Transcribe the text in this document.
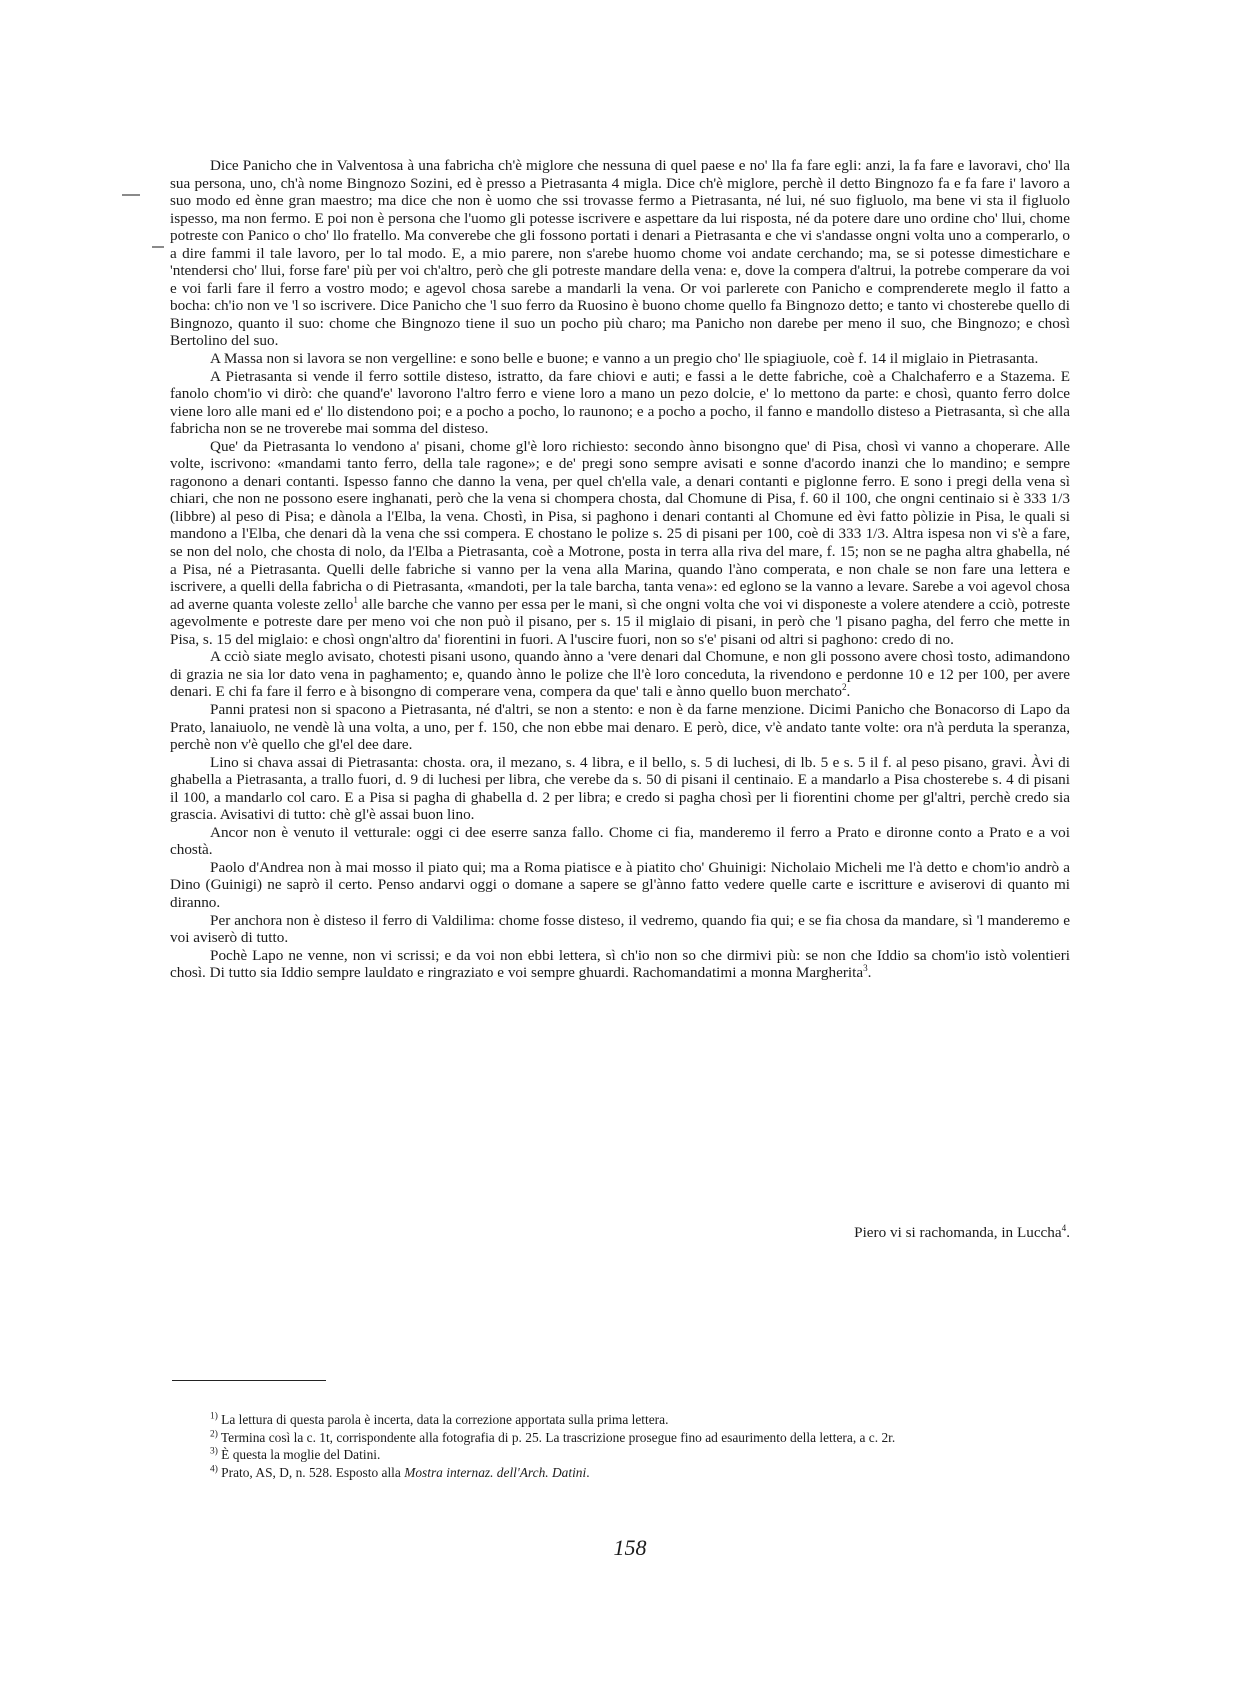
Dice Panicho che in Valventosa à una fabricha ch'è miglore che nessuna di quel paese e no' lla fa fare egli: anzi, la fa fare e lavoravi, cho' lla sua persona, uno, ch'à nome Bingnozo Sozini, ed è presso a Pietrasanta 4 migla. Dice ch'è miglore, perchè il detto Bingnozo fa e fa fare i' lavoro a suo modo ed ènne gran maestro; ma dice che non è uomo che ssi trovasse fermo a Pietrasanta, né lui, né suo figluolo, ma bene vi sta il figluolo ispesso, ma non fermo. E poi non è persona che l'uomo gli potesse iscrivere e aspettare da lui risposta, né da potere dare uno ordine cho' llui, chome potreste con Panico o cho' llo fratello. Ma converebe che gli fossono portati i denari a Pietrasanta e che vi s'andasse ongni volta uno a comperarlo, o a dire fammi il tale lavoro, per lo tal modo. E, a mio parere, non s'arebe huomo chome voi andate cerchando; ma, se si potesse dimestichare e 'ntendersi cho' llui, forse fare' più per voi ch'altro, però che gli potreste mandare della vena: e, dove la compera d'altrui, la potrebe comperare da voi e voi farli fare il ferro a vostro modo; e agevol chosa sarebe a mandarli la vena. Or voi parlerete con Panicho e comprenderete meglo il fatto a bocha: ch'io non ve 'l so iscrivere. Dice Panicho che 'l suo ferro da Ruosino è buono chome quello fa Bingnozo detto; e tanto vi chosterebe quello di Bingnozo, quanto il suo: chome che Bingnozo tiene il suo un pocho più charo; ma Panicho non darebe per meno il suo, che Bingnozo; e chosì Bertolino del suo.

A Massa non si lavora se non vergelline: e sono belle e buone; e vanno a un pregio cho' lle spiagiuole, coè f. 14 il miglaio in Pietrasanta.

A Pietrasanta si vende il ferro sottile disteso, istratto, da fare chiovi e auti; e fassi a le dette fabriche, coè a Chalchaferro e a Stazema. E fanolo chom'io vi dirò: che quand'e' lavorono l'altro ferro e viene loro a mano un pezo dolcie, e' lo mettono da parte: e chosì, quanto ferro dolce viene loro alle mani ed e' llo distendono poi; e a pocho a pocho, lo raunono; e a pocho a pocho, il fanno e mandollo disteso a Pietrasanta, sì che alla fabricha non se ne troverebe mai somma del disteso.

Que' da Pietrasanta lo vendono a' pisani, chome gl'è loro richiesto: secondo ànno bisongno que' di Pisa, chosì vi vanno a choperare. Alle volte, iscrivono: «mandami tanto ferro, della tale ragone»; e de' pregi sono sempre avisati e sonne d'acordo inanzi che lo mandino; e sempre ragonono a denari contanti. Ispesso fanno che danno la vena, per quel ch'ella vale, a denari contanti e piglonne ferro. E sono i pregi della vena sì chiari, che non ne possono esere inghanati, però che la vena si chompera chosta, dal Chomune di Pisa, f. 60 il 100, che ongni centinaio si è 333 1/3 (libbre) al peso di Pisa; e dànola a l'Elba, la vena. Chostì, in Pisa, si paghono i denari contanti al Chomune ed èvi fatto pòlizie in Pisa, le quali si mandono a l'Elba, che denari dà la vena che ssi compera. E chostano le polize s. 25 di pisani per 100, coè di 333 1/3. Altra ispesa non vi s'è a fare, se non del nolo, che chosta di nolo, da l'Elba a Pietrasanta, coè a Motrone, posta in terra alla riva del mare, f. 15; non se ne pagha altra ghabella, né a Pisa, né a Pietrasanta. Quelli delle fabriche si vanno per la vena alla Marina, quando l'àno comperata, e non chale se non fare una lettera e iscrivere, a quelli della fabricha o di Pietrasanta, «mandoti, per la tale barcha, tanta vena»: ed eglono se la vanno a levare. Sarebe a voi agevol chosa ad averne quanta voleste zello$^1$ alle barche che vanno per essa per le mani, sì che ongni volta che voi vi disponeste a volere atendere a cciò, potreste agevolmente e potreste dare per meno voi che non può il pisano, per s. 15 il miglaio di pisani, in però che 'l pisano pagha, del ferro che mette in Pisa, s. 15 del miglaio: e chosì ongn'altro da' fiorentini in fuori. A l'uscire fuori, non so s'e' pisani od altri si paghono: credo di no.

A cciò siate meglo avisato, chotesti pisani usono, quando ànno a 'vere denari dal Chomune, e non gli possono avere chosì tosto, adimandono di grazia ne sia lor dato vena in paghamento; e, quando ànno le polize che ll'è loro conceduta, la rivendono e perdonne 10 e 12 per 100, per avere denari. E chi fa fare il ferro e à bisongno di comperare vena, compera da que' tali e ànno quello buon merchato$^2$.

Panni pratesi non si spacono a Pietrasanta, né d'altri, se non a stento: e non è da farne menzione. Dicimi Panicho che Bonacorso di Lapo da Prato, lanaiuolo, ne vendè là una volta, a uno, per f. 150, che non ebbe mai denaro. E però, dice, v'è andato tante volte: ora n'à perduta la speranza, perchè non v'è quello che gl'el dee dare.

Lino si chava assai di Pietrasanta: chosta. ora, il mezano, s. 4 libra, e il bello, s. 5 di luchesi, di lb. 5 e s. 5 il f. al peso pisano, gravi. Àvi di ghabella a Pietrasanta, a trallo fuori, d. 9 di luchesi per libra, che verebe da s. 50 di pisani il centinaio. E a mandarlo a Pisa chosterebe s. 4 di pisani il 100, a mandarlo col caro. E a Pisa si pagha di ghabella d. 2 per libra; e credo si pagha chosì per li fiorentini chome per gl'altri, perchè credo sia grascia. Avisativi di tutto: chè gl'è assai buon lino.

Ancor non è venuto il vetturale: oggi ci dee eserre sanza fallo. Chome ci fia, manderemo il ferro a Prato e dironne conto a Prato e a voi chostà.

Paolo d'Andrea non à mai mosso il piato qui; ma a Roma piatisce e à piatito cho' Ghuinigi: Nicholaio Micheli me l'à detto e chom'io andrò a Dino (Guinigi) ne saprò il certo. Penso andarvi oggi o domane a sapere se gl'ànno fatto vedere quelle carte e iscritture e aviserovi di quanto mi diranno.

Per anchora non è disteso il ferro di Valdilima: chome fosse disteso, il vedremo, quando fia qui; e se fia chosa da mandare, sì 'l manderemo e voi aviserò di tutto.

Pochè Lapo ne venne, non vi scrissi; e da voi non ebbi lettera, sì ch'io non so che dirmivi più: se non che Iddio sa chom'io istò volentieri chosì. Di tutto sia Iddio sempre lauldato e ringraziato e voi sempre ghuardi. Rachomandatimi a monna Margherita$^3$.

Piero vi si rachomanda, in Luccha$^4$.

$^{1)}$ La lettura di questa parola è incerta, data la correzione apportata sulla prima lettera.

$^{2)}$ Termina così la c. 1t, corrispondente alla fotografia di p. 25. La trascrizione prosegue fino ad esaurimento della lettera, a c. 2r.

$^{3)}$ È questa la moglie del Datini.

$^{4)}$ Prato, AS, D, n. 528. Esposto alla Mostra internaz. dell'Arch. Datini.

158
